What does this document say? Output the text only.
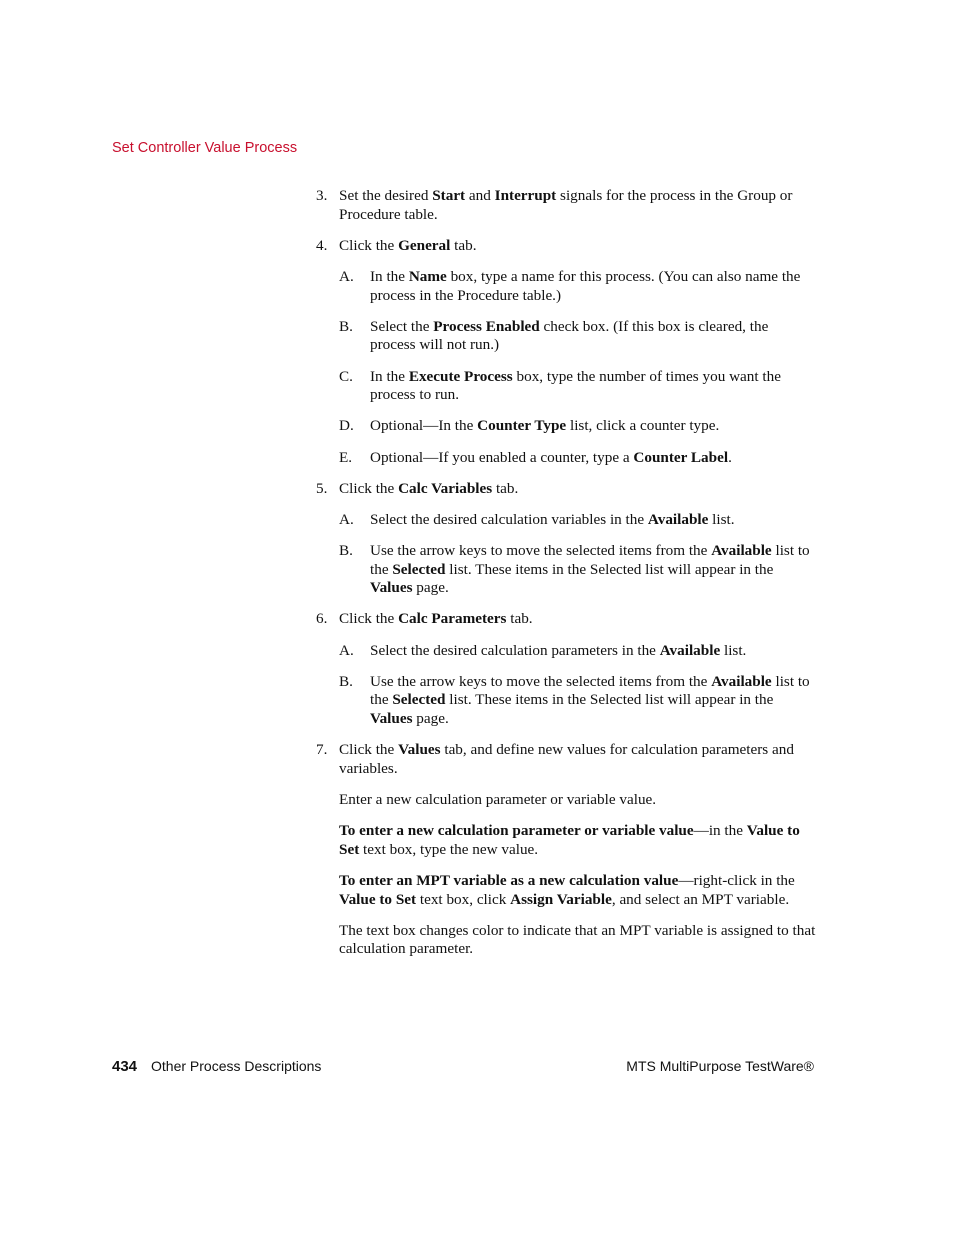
Set Controller Value Process
3. Set the desired Start and Interrupt signals for the process in the Group or Procedure table.
4. Click the General tab.
A. In the Name box, type a name for this process. (You can also name the process in the Procedure table.)
B. Select the Process Enabled check box. (If this box is cleared, the process will not run.)
C. In the Execute Process box, type the number of times you want the process to run.
D. Optional—In the Counter Type list, click a counter type.
E. Optional—If you enabled a counter, type a Counter Label.
5. Click the Calc Variables tab.
A. Select the desired calculation variables in the Available list.
B. Use the arrow keys to move the selected items from the Available list to the Selected list. These items in the Selected list will appear in the Values page.
6. Click the Calc Parameters tab.
A. Select the desired calculation parameters in the Available list.
B. Use the arrow keys to move the selected items from the Available list to the Selected list. These items in the Selected list will appear in the Values page.
7. Click the Values tab, and define new values for calculation parameters and variables.
Enter a new calculation parameter or variable value.
To enter a new calculation parameter or variable value—in the Value to Set text box, type the new value.
To enter an MPT variable as a new calculation value—right-click in the Value to Set text box, click Assign Variable, and select an MPT variable.
The text box changes color to indicate that an MPT variable is assigned to that calculation parameter.
434 Other Process Descriptions	MTS MultiPurpose TestWare®
